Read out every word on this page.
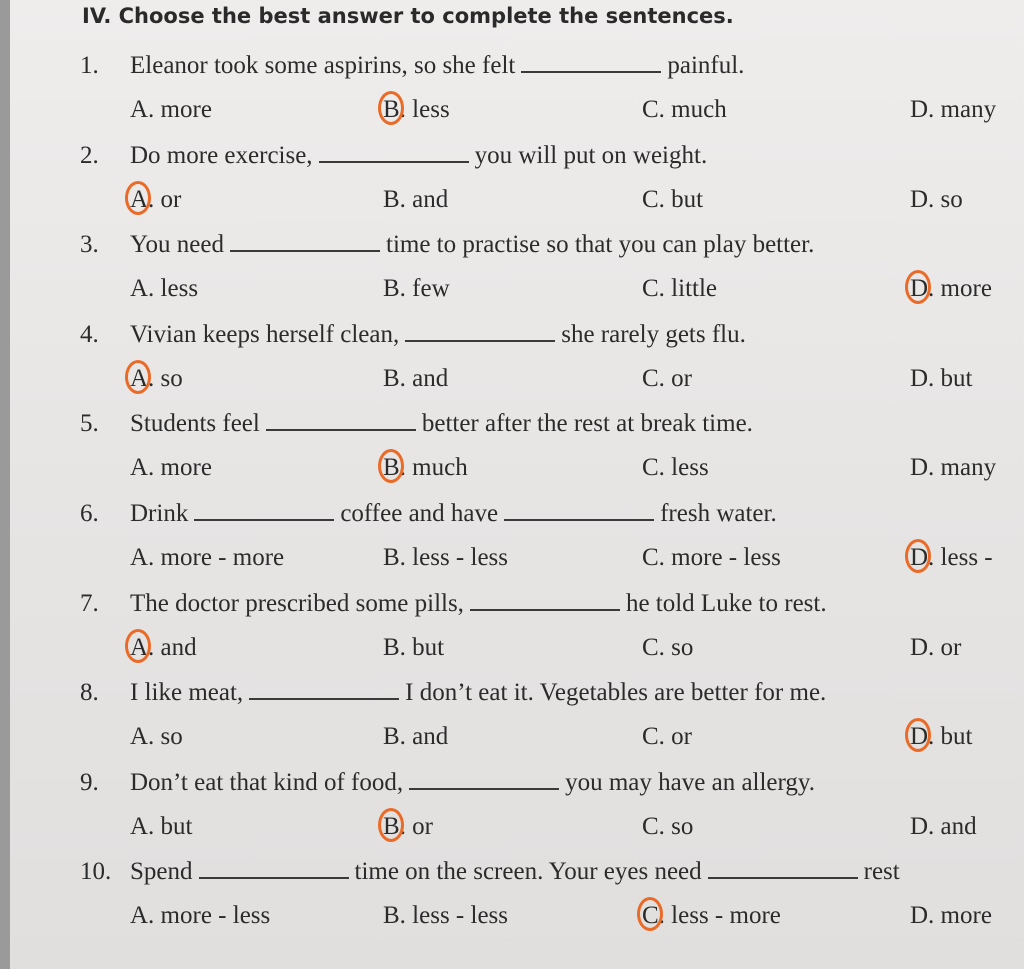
IV. Choose the best answer to complete the sentences.
1. Eleanor took some aspirins, so she felt	painful.
A. more	B. less	C. much	D. many
2. Do more exercise,	you will put on weight.
A. or	B. and	C. but	D. so
3. You need	time to practise so that you can play better.
A. less	B. few	C. little	D. more
4. Vivian keeps herself clean,	she rarely gets flu.
A. so	B. and	C. or	D. but
5. Students feel	better after the rest at break time.
A. more	B. much	C. less	D. many
6. Drink	coffee and have	fresh water.
A. more - more	B. less - less	C. more - less	D. less -
7. The doctor prescribed some pills,	he told Luke to rest.
A. and	B. but	C. so	D. or
8. I like meat,	I don’t eat it. Vegetables are better for me.
A. so	B. and	C. or	D. but
9. Don’t eat that kind of food,	you may have an allergy.
A. but	B. or	C. so	D. and
10. Spend	time on the screen. Your eyes need	rest
A. more - less	B. less - less	C. less - more	D. more
